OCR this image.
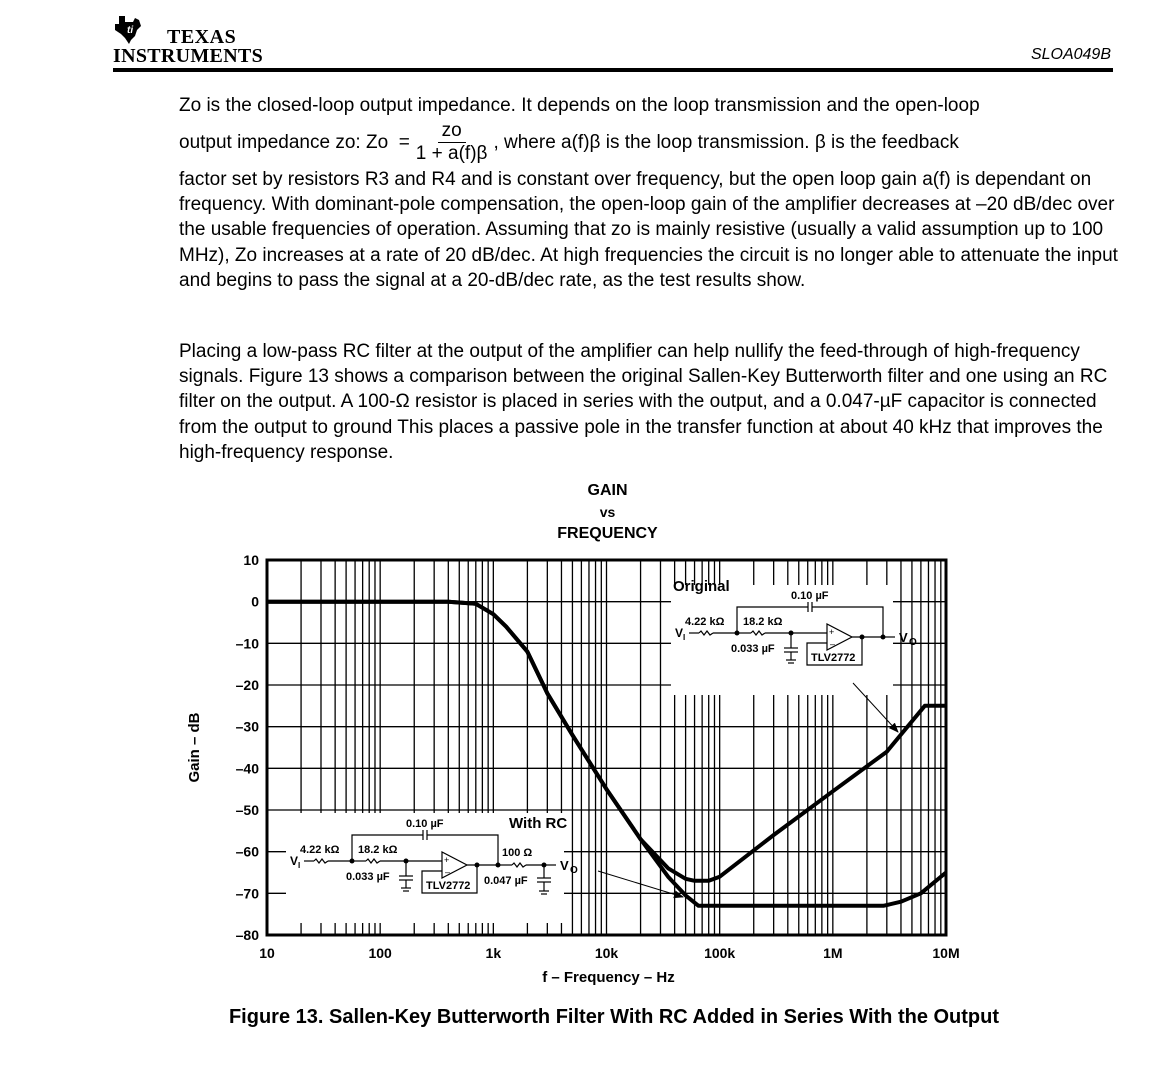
ti	TEXAS
INSTRUMENTS	SLOA049B
Zo is the closed-loop output impedance. It depends on the loop transmission and the open-loop
output impedance zo: $Zo = \frac{zo}{1 + a(f)\beta}$ , where a(f)β is the loop transmission. β is the feedback
factor set by resistors R3 and R4 and is constant over frequency, but the open loop gain a(f) is dependant on frequency. With dominant-pole compensation, the open-loop gain of the amplifier decreases at –20 dB/dec over the usable frequencies of operation. Assuming that zo is mainly resistive (usually a valid assumption up to 100 MHz), Zo increases at a rate of 20 dB/dec. At high frequencies the circuit is no longer able to attenuate the input and begins to pass the signal at a 20-dB/dec rate, as the test results show.
Placing a low-pass RC filter at the output of the amplifier can help nullify the feed-through of high-frequency signals. Figure 13 shows a comparison between the original Sallen-Key Butterworth filter and one using an RC filter on the output. A 100-Ω resistor is placed in series with the output, and a 0.047-µF capacitor is connected from the output to ground This places a passive pole in the transfer function at about 40 kHz that improves the high-frequency response.
GAIN
vs
FREQUENCY
10
0
–10
–20
–30
–40
–50
–60
–70
–80
10	100	1k	10k	100k	1M	10M
Original
V I
4.22 kΩ 18.2 kΩ
0.033 µF
+
–
TLV2772
0.10 µF
V O
With RC
V I
4.22 kΩ 18.2 kΩ
0.033 µF
+
–
TLV2772
0.10 µF
100 Ω
0.047 µF
V O
Gain – dB
f – Frequency – Hz
Figure 13. Sallen-Key Butterworth Filter With RC Added in Series With the Output
